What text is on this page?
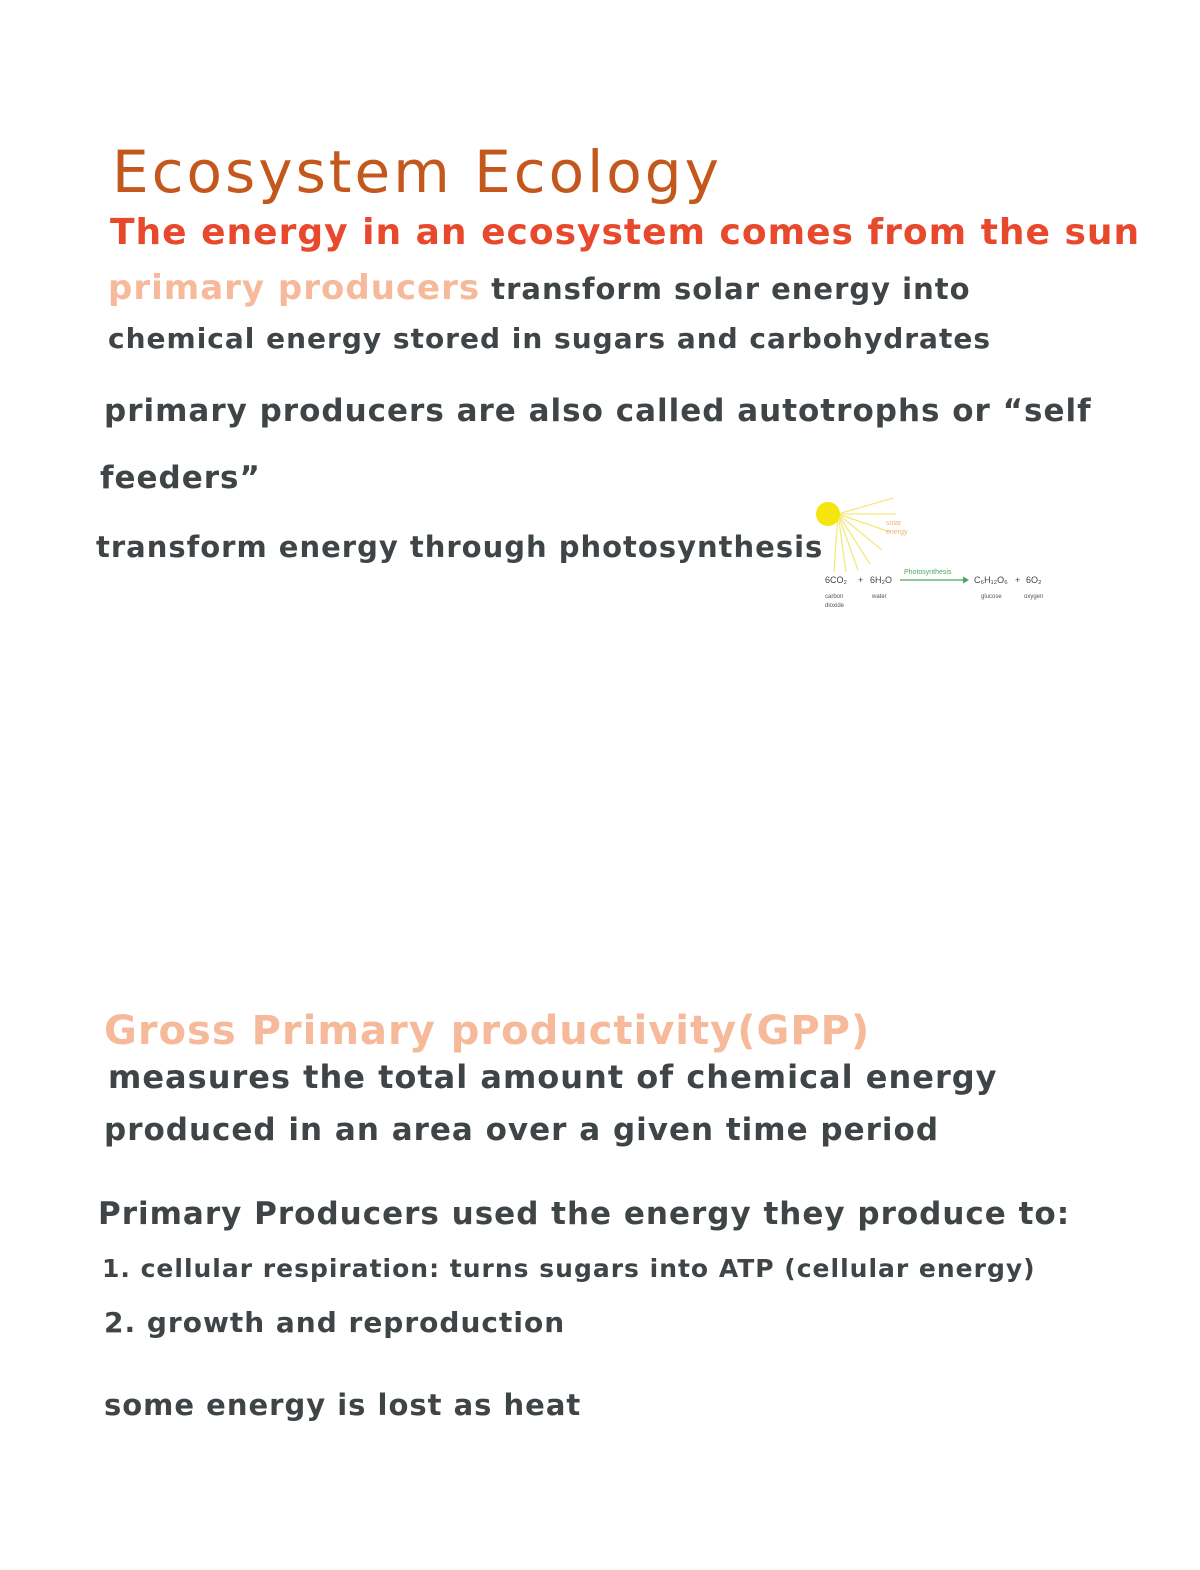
Ecosystem Ecology

The energy in an ecosystem comes from the sun

primary producers transform solar energy into

chemical energy stored in sugars and carbohydrates

primary producers are also called autotrophs or “self

feeders”

transform energy through photosynthesis

solar
energy
Photosynthesis
6CO₂ + 6H₂O	C₆H₁₂O₆ + 6O₂
carbon
dioxide
water	glucose	oxygen

Gross Primary productivity(GPP)

measures the total amount of chemical energy

produced in an area over a given time period

Primary Producers used the energy they produce to:

1. cellular respiration: turns sugars into ATP (cellular energy)

2. growth and reproduction

some energy is lost as heat
